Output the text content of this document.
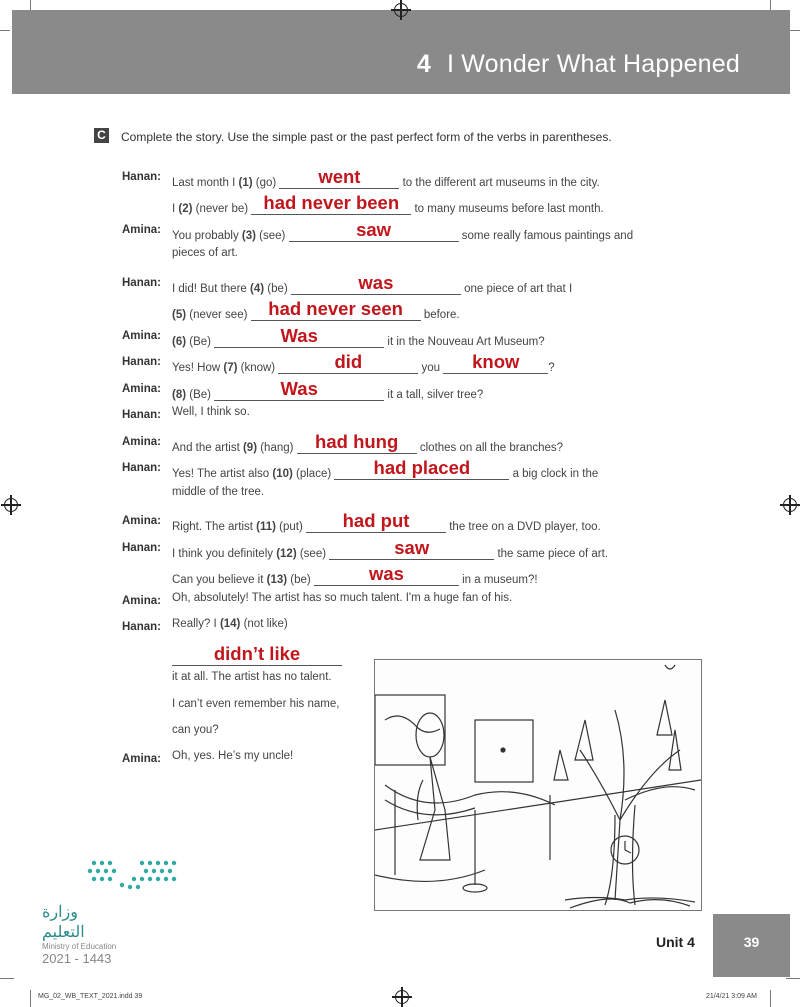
4 I Wonder What Happened
C Complete the story. Use the simple past or the past perfect form of the verbs in parentheses.
Hanan: Last month I (1) (go) went	to the different art museums in the city.
I (2) (never be) had never been to many museums before last month.
Amina: You probably (3) (see)	saw	some really famous paintings and
pieces of art.
Hanan: I did! But there (4) (be)	was	one piece of art that I
(5) (never see) had never seen before.
Amina: (6) (Be)	Was	it in the Nouveau Art Museum?
Hanan: Yes! How (7) (know)	did	you know	?
Amina: (8) (Be)	Was	it a tall, silver tree?
Hanan: Well, I think so.
Amina: And the artist (9) (hang) had hung clothes on all the branches?
Hanan: Yes! The artist also (10) (place) had placed	a big clock in the
middle of the tree.
Amina: Right. The artist (11) (put) had put	the tree on a DVD player, too.
Hanan: I think you definitely (12) (see)	saw	the same piece of art.
Can you believe it (13) (be)	was	in a museum?!
Amina: Oh, absolutely! The artist has so much talent. I'm a huge fan of his.
Hanan: Really? I (14) (not like)
didn’t like
it at all. The artist has no talent.
I can’t even remember his name,
can you?
Amina: Oh, yes. He’s my uncle!
وزارة التعليم
Ministry of Education
2021 - 1443
Unit 4	39
MG_02_WB_TEXT_2021.indd 39	21/4/21 3:09 AM
